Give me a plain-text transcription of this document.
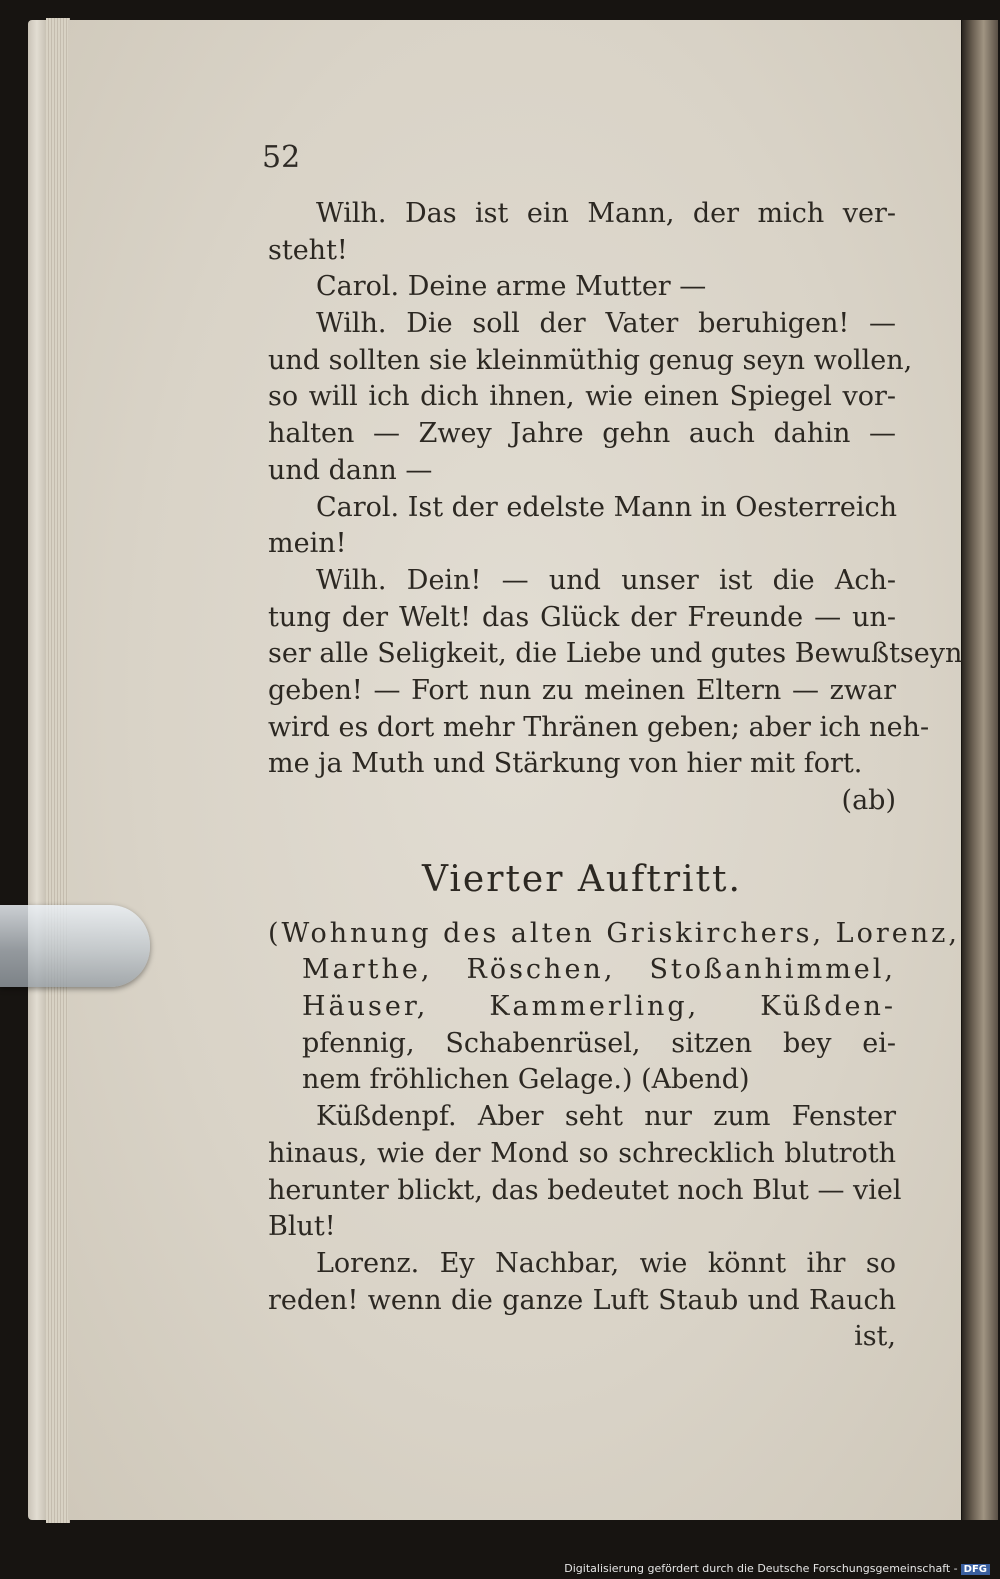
52
Wilh. Das ist ein Mann, der mich ver-
steht!
Carol. Deine arme Mutter —
Wilh. Die soll der Vater beruhigen! —
und sollten sie kleinmüthig genug seyn wollen,
so will ich dich ihnen, wie einen Spiegel vor-
halten — Zwey Jahre gehn auch dahin —
und dann —
Carol. Ist der edelste Mann in Oesterreich
mein!
Wilh. Dein! — und unser ist die Ach-
tung der Welt! das Glück der Freunde — un-
ser alle Seligkeit, die Liebe und gutes Bewußtseyn
geben! — Fort nun zu meinen Eltern — zwar
wird es dort mehr Thränen geben; aber ich neh-
me ja Muth und Stärkung von hier mit fort.
(ab)
Vierter Auftritt.
(Wohnung des alten Griskirchers, Lorenz,
Marthe, Röschen, Stoßanhimmel,
Häuser, Kammerling, Küßden-
pfennig, Schabenrüsel, sitzen bey ei-
nem fröhlichen Gelage.) (Abend)
Küßdenpf. Aber seht nur zum Fenster
hinaus, wie der Mond so schrecklich blutroth
herunter blickt, das bedeutet noch Blut — viel
Blut!
Lorenz. Ey Nachbar, wie könnt ihr so
reden! wenn die ganze Luft Staub und Rauch
ist,
Digitalisierung gefördert durch die Deutsche Forschungsgemeinschaft - DFG
